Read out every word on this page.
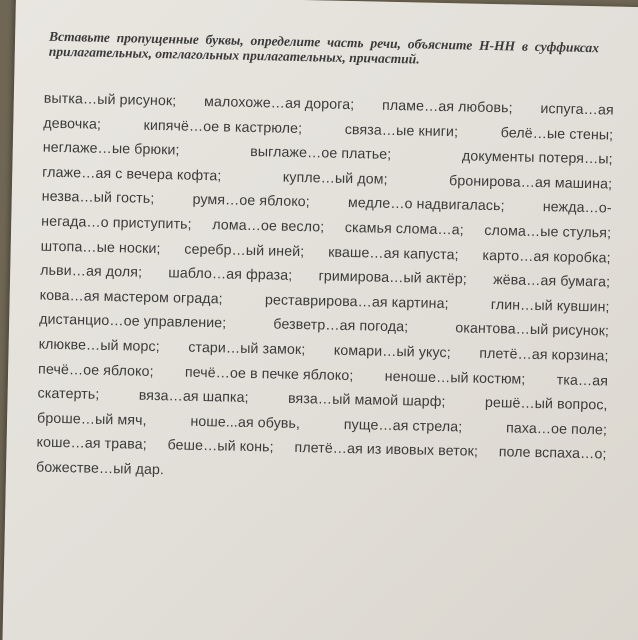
Вставьте пропущенные буквы, определите часть речи, объясните Н-НН в суффиксах прилагательных, отглагольных прилагательных, причастий.
вытка…ый рисунок; малохоже…ая дорога; пламе…ая любовь; испуга…ая
девочка;	кипячё…ое в кастрюле;	связа…ые книги;	белё…ые стены;
неглаже…ые брюки;	выглаже…ое платье;	документы потеря…ы;
глаже…ая с вечера кофта;	купле…ый дом;	бронирова…ая машина;
незва…ый гость;	румя…ое яблоко;	медле…о надвигалась;	нежда…о-
негада…о приступить; лома…ое весло; скамья слома…а; слома…ые стулья;
штопа…ые носки; серебр…ый иней; кваше…ая капуста; карто…ая коробка;
льви…ая доля; шабло…ая фраза; гримирова…ый актёр; жёва…ая бумага;
кова…ая мастером ограда;	реставрирова…ая картина;	глин…ый кувшин;
дистанцио…ое управление;	безветр…ая погода;	окантова…ый рисунок;
клюкве…ый морс; стари…ый замок; комари…ый укус; плетё…ая корзина;
печё…ое яблоко; печё…ое в печке яблоко; неноше…ый костюм; тка…ая
скатерть;	вяза…ая шапка;	вяза…ый мамой шарф;	решё…ый вопрос,
броше…ый мяч,	ноше...ая обувь,	пуще…ая стрела;	паха…ое поле;
коше…ая трава; беше…ый конь; плетё…ая из ивовых веток; поле вспаха…о;
божестве…ый дар.
